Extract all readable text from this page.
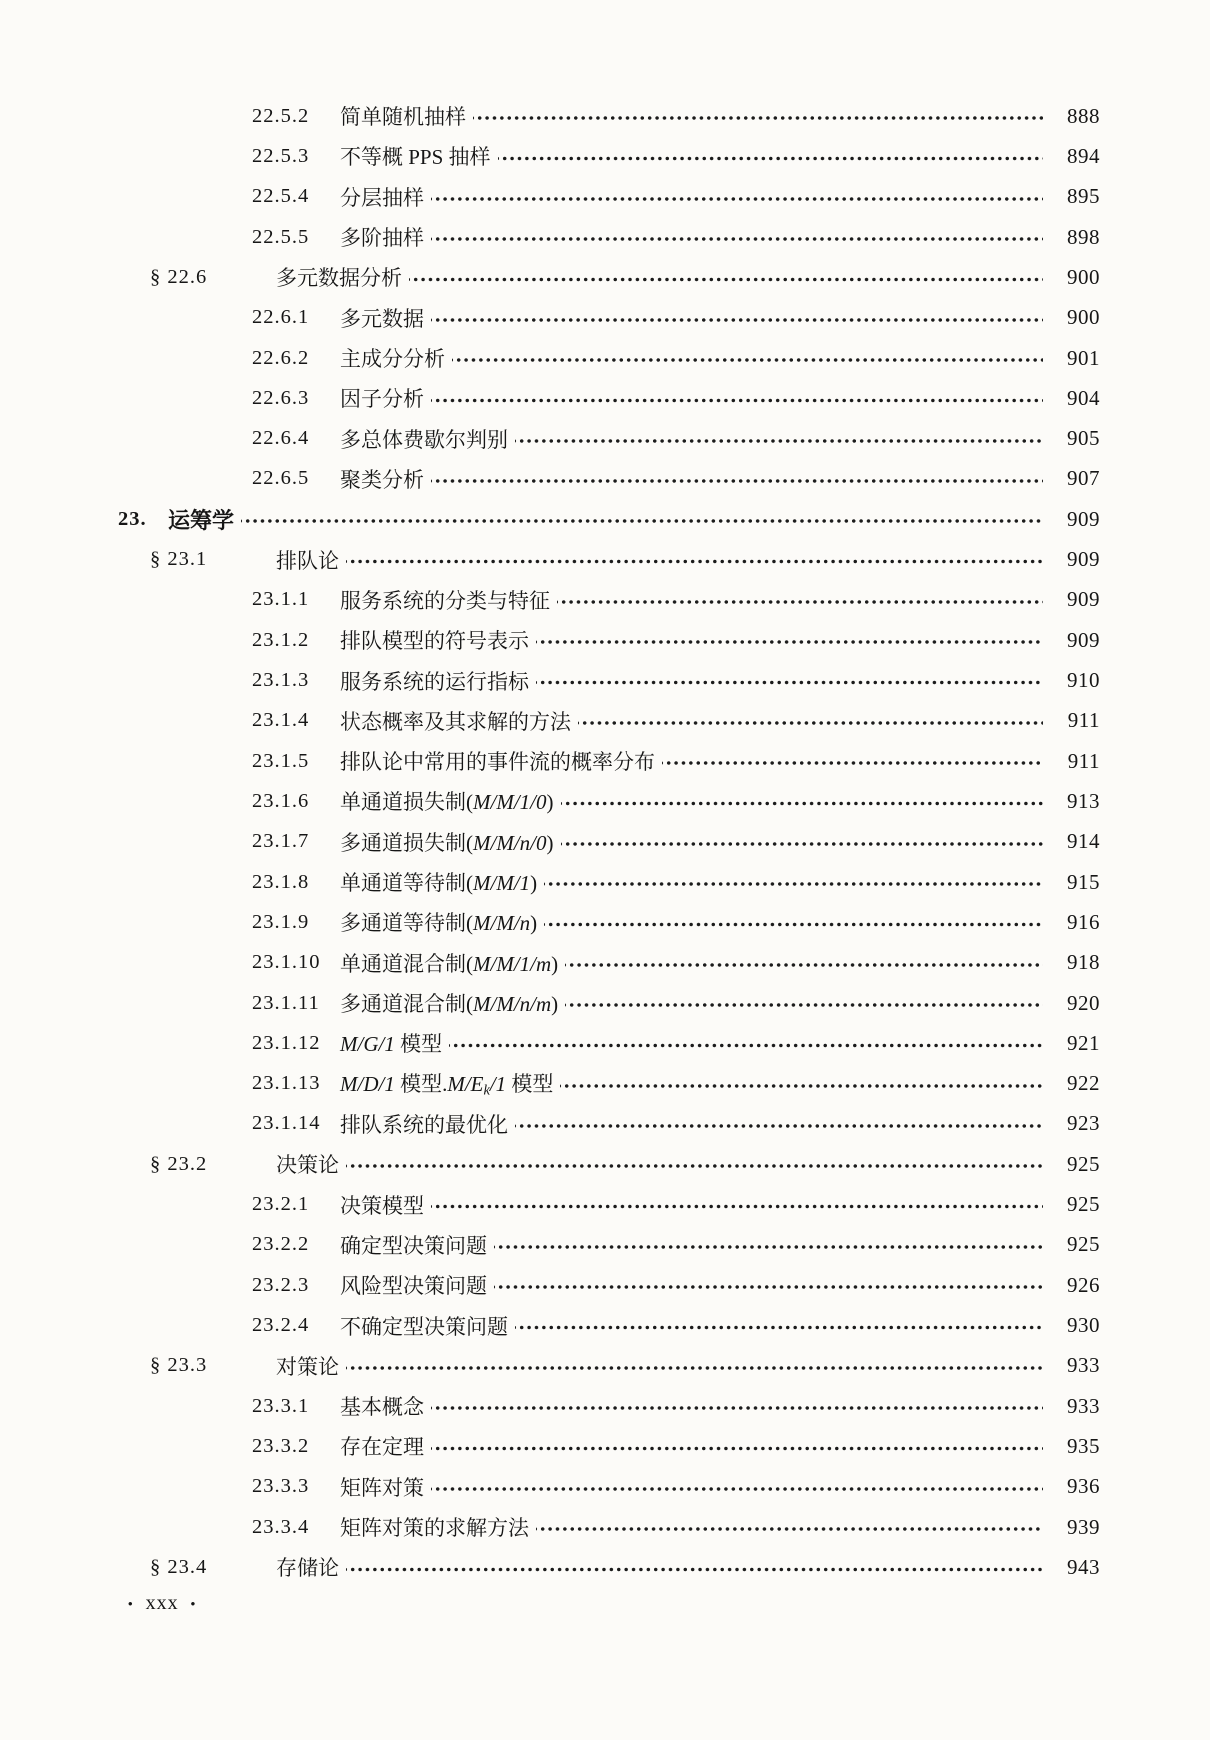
22.5.2	简单随机抽样	888
22.5.3	不等概 PPS 抽样	894
22.5.4	分层抽样	895
22.5.5	多阶抽样	898
§ 22.6	多元数据分析	900
22.6.1	多元数据	900
22.6.2	主成分分析	901
22.6.3	因子分析	904
22.6.4	多总体费歇尔判别	905
22.6.5	聚类分析	907
23. 运筹学	909
§ 23.1	排队论	909
23.1.1	服务系统的分类与特征	909
23.1.2	排队模型的符号表示	909
23.1.3	服务系统的运行指标	910
23.1.4	状态概率及其求解的方法	911
23.1.5	排队论中常用的事件流的概率分布	911
23.1.6	单通道损失制(M/M/1/0)	913
23.1.7	多通道损失制(M/M/n/0)	914
23.1.8	单通道等待制(M/M/1)	915
23.1.9	多通道等待制(M/M/n)	916
23.1.10 单通道混合制(M/M/1/m)	918
23.1.11 多通道混合制(M/M/n/m)	920
23.1.12 M/G/1 模型	921
23.1.13 M/D/1 模型$.M/E_k/1$ 模型	922
23.1.14 排队系统的最优化	923
§ 23.2	决策论	925
23.2.1	决策模型	925
23.2.2	确定型决策问题	925
23.2.3	风险型决策问题	926
23.2.4	不确定型决策问题	930
§ 23.3	对策论	933
23.3.1	基本概念	933
23.3.2	存在定理	935
23.3.3	矩阵对策	936
23.3.4	矩阵对策的求解方法	939
§ 23.4	存储论	943
• xxx •
